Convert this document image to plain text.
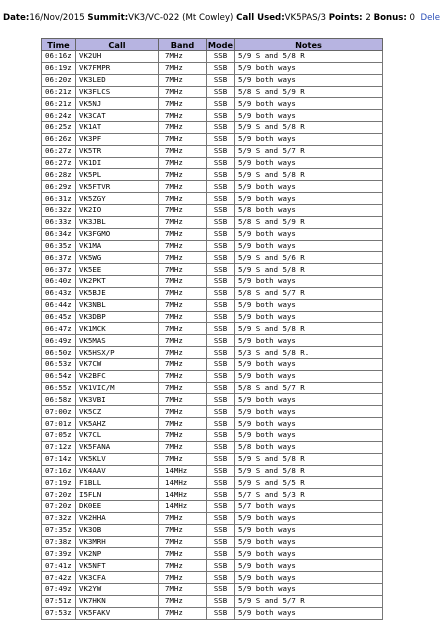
Date:16/Nov/2015 Summit:VK3/VC-022 (Mt Cowley) Call Used:VK5PAS/3 Points: 2 Bonus: 0 Dele
Time	Call	Band	Mode	Notes
06:16z	VK2UH	7MHz	SSB	5/9 S and 5/8 R
06:19z	VK7FMPR	7MHz	SSB	5/9 both ways
06:20z	VK3LED	7MHz	SSB	5/9 both ways
06:21z	VK3FLCS	7MHz	SSB	5/8 S and 5/9 R
06:21z	VK5NJ	7MHz	SSB	5/9 both ways
06:24z	VK3CAT	7MHz	SSB	5/9 both ways
06:25z	VK1AT	7MHz	SSB	5/9 S and 5/8 R
06:26z	VK3PF	7MHz	SSB	5/9 both ways
06:27z	VK5TR	7MHz	SSB	5/9 S and 5/7 R
06:27z	VK1DI	7MHz	SSB	5/9 both ways
06:28z	VK5PL	7MHz	SSB	5/9 S and 5/8 R
06:29z	VK5FTVR	7MHz	SSB	5/9 both ways
06:31z	VK5ZGY	7MHz	SSB	5/9 both ways
06:32z	VK2IO	7MHz	SSB	5/8 both ways
06:33z	VK3JBL	7MHz	SSB	5/8 S and 5/9 R
06:34z	VK3FGMO	7MHz	SSB	5/9 both ways
06:35z	VK1MA	7MHz	SSB	5/9 both ways
06:37z	VK5WG	7MHz	SSB	5/9 S and 5/6 R
06:37z	VK5EE	7MHz	SSB	5/9 S and 5/8 R
06:40z	VK2PKT	7MHz	SSB	5/9 both ways
06:43z	VK5BJE	7MHz	SSB	5/8 S and 5/7 R
06:44z	VK3NBL	7MHz	SSB	5/9 both ways
06:45z	VK3DBP	7MHz	SSB	5/9 both ways
06:47z	VK1MCK	7MHz	SSB	5/9 S and 5/8 R
06:49z	VK5MAS	7MHz	SSB	5/9 both ways
06:50z	VK5HSX/P	7MHz	SSB	5/3 S and 5/8 R.
06:53z	VK7CW	7MHz	SSB	5/9 both ways
06:54z	VK2BFC	7MHz	SSB	5/9 both ways
06:55z	VK1VIC/M	7MHz	SSB	5/8 S and 5/7 R
06:58z	VK3VBI	7MHz	SSB	5/9 both ways
07:00z	VK5CZ	7MHz	SSB	5/9 both ways
07:01z	VK5AHZ	7MHz	SSB	5/9 both ways
07:05z	VK7CL	7MHz	SSB	5/9 both ways
07:12z	VK5FANA	7MHz	SSB	5/8 both ways
07:14z	VK5KLV	7MHz	SSB	5/9 S and 5/8 R
07:16z	VK4AAV	14MHz	SSB	5/9 S and 5/8 R
07:19z	F1BLL	14MHz	SSB	5/9 S and 5/5 R
07:20z	I5FLN	14MHz	SSB	5/7 S and 5/3 R
07:20z	DK0EE	14MHz	SSB	5/7 both ways
07:32z	VK2HHA	7MHz	SSB	5/9 both ways
07:35z	VK3OB	7MHz	SSB	5/9 both ways
07:38z	VK3MRH	7MHz	SSB	5/9 both ways
07:39z	VK2NP	7MHz	SSB	5/9 both ways
07:41z	VK5NFT	7MHz	SSB	5/9 both ways
07:42z	VK3CFA	7MHz	SSB	5/9 both ways
07:49z	VK2YW	7MHz	SSB	5/9 both ways
07:51z	VK7HKN	7MHz	SSB	5/9 S and 5/7 R
07:53z	VK5FAKV	7MHz	SSB	5/9 both ways
